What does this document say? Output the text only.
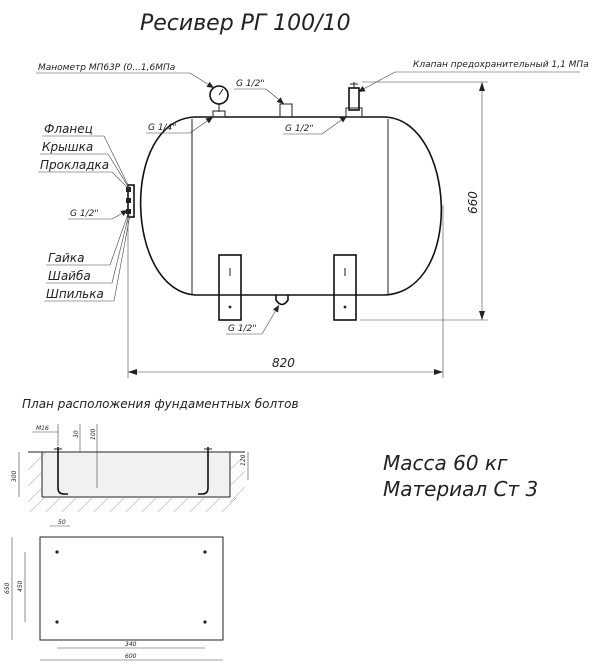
Ресивер РГ 100/10
Манометр МП63Р (0...1,6МПа	Клапан предохранительный 1,1 МПа
G 1/2"
G 1/4"	G 1/2"
Фланец
Крышка
Прокладка
G 1/2"
Гайка
Шайба
Шпилька
G 1/2"
660
820
План расположения фундаментных болтов
М16
30 100
120
300
50
650 450
340
600
Масса 60 кг
Материал Ст 3
